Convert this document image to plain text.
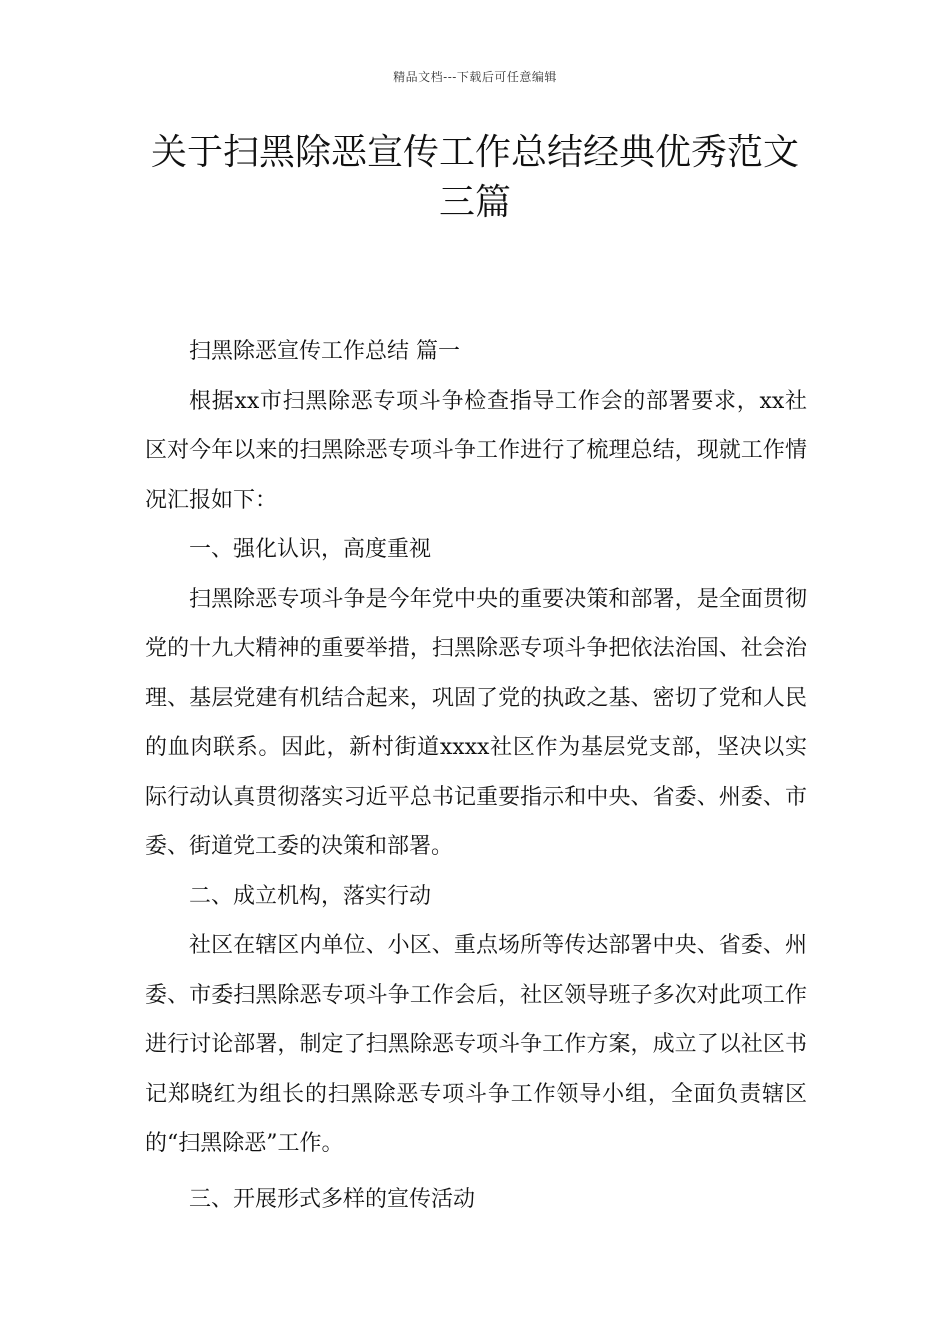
精品文档---下载后可任意编辑
关于扫黑除恶宣传工作总结经典优秀范文三篇

扫黑除恶宣传工作总结 篇一

根据xx市扫黑除恶专项斗争检查指导工作会的部署要求，xx社区对今年以来的扫黑除恶专项斗争工作进行了梳理总结，现就工作情况汇报如下：

一、强化认识，高度重视

扫黑除恶专项斗争是今年党中央的重要决策和部署，是全面贯彻党的十九大精神的重要举措，扫黑除恶专项斗争把依法治国、社会治理、基层党建有机结合起来，巩固了党的执政之基、密切了党和人民的血肉联系。因此，新村街道xxxx社区作为基层党支部，坚决以实际行动认真贯彻落实习近平总书记重要指示和中央、省委、州委、市委、街道党工委的决策和部署。

二、成立机构，落实行动

社区在辖区内单位、小区、重点场所等传达部署中央、省委、州委、市委扫黑除恶专项斗争工作会后，社区领导班子多次对此项工作进行讨论部署，制定了扫黑除恶专项斗争工作方案，成立了以社区书记郑晓红为组长的扫黑除恶专项斗争工作领导小组，全面负责辖区的“扫黑除恶”工作。

三、开展形式多样的宣传活动
